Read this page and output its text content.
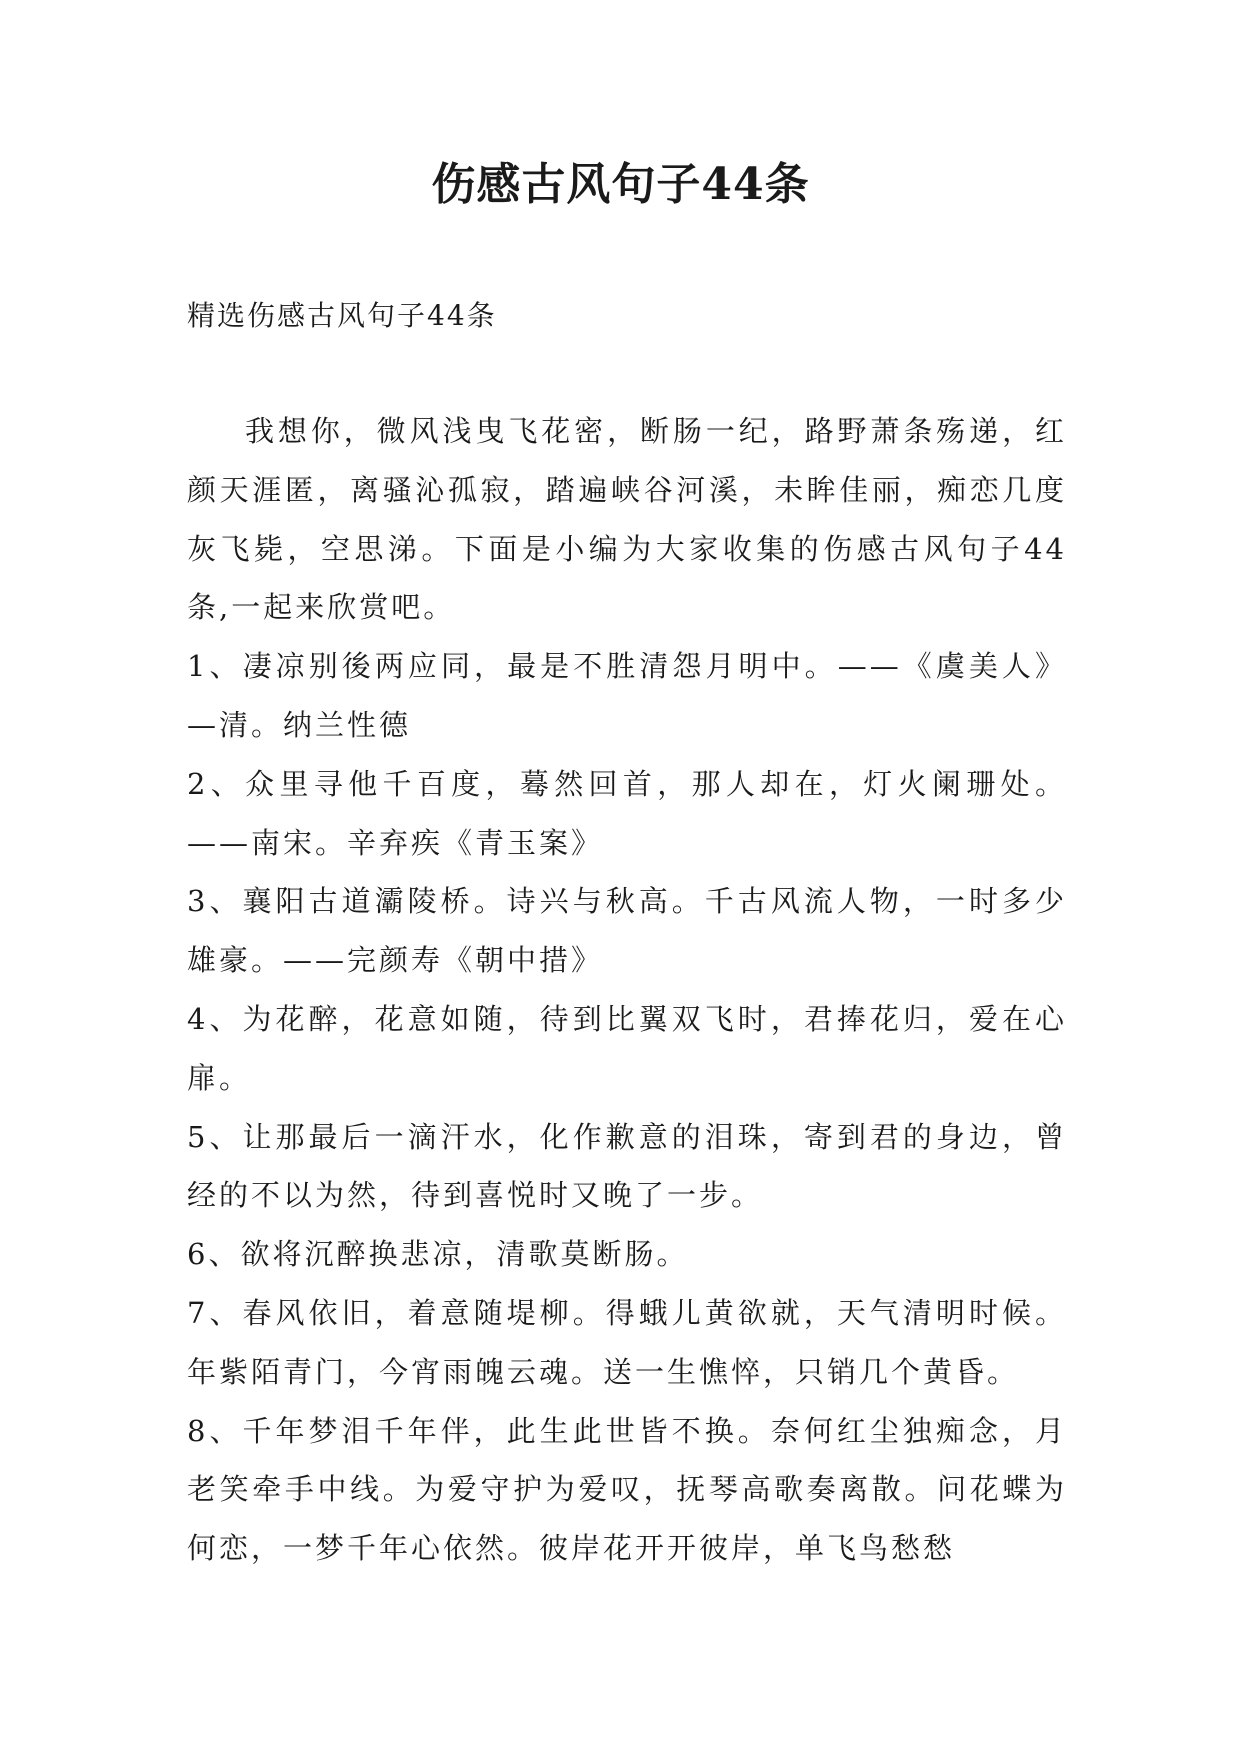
伤感古风句子44条

精选伤感古风句子44条

我想你，微风浅曳飞花密，断肠一纪，路野萧条殇递，红颜天涯匿，离骚沁孤寂，踏遍峡谷河溪，未眸佳丽，痴恋几度灰飞毙，空思涕。下面是小编为大家收集的伤感古风句子44条,一起来欣赏吧。

1、凄凉别後两应同，最是不胜清怨月明中。——《虞美人》—清。纳兰性德

2、众里寻他千百度，蓦然回首，那人却在，灯火阑珊处。——南宋。辛弃疾《青玉案》

3、襄阳古道灞陵桥。诗兴与秋高。千古风流人物，一时多少雄豪。——完颜寿《朝中措》

4、为花醉，花意如随，待到比翼双飞时，君捧花归，爱在心扉。

5、让那最后一滴汗水，化作歉意的泪珠，寄到君的身边，曾经的不以为然，待到喜悦时又晚了一步。

6、欲将沉醉换悲凉，清歌莫断肠。

7、春风依旧，着意随堤柳。得蛾儿黄欲就，天气清明时候。年紫陌青门，今宵雨魄云魂。送一生憔悴，只销几个黄昏。

8、千年梦泪千年伴，此生此世皆不换。奈何红尘独痴念，月老笑牵手中线。为爱守护为爱叹，抚琴高歌奏离散。问花蝶为何恋，一梦千年心依然。彼岸花开开彼岸，单飞鸟愁愁
